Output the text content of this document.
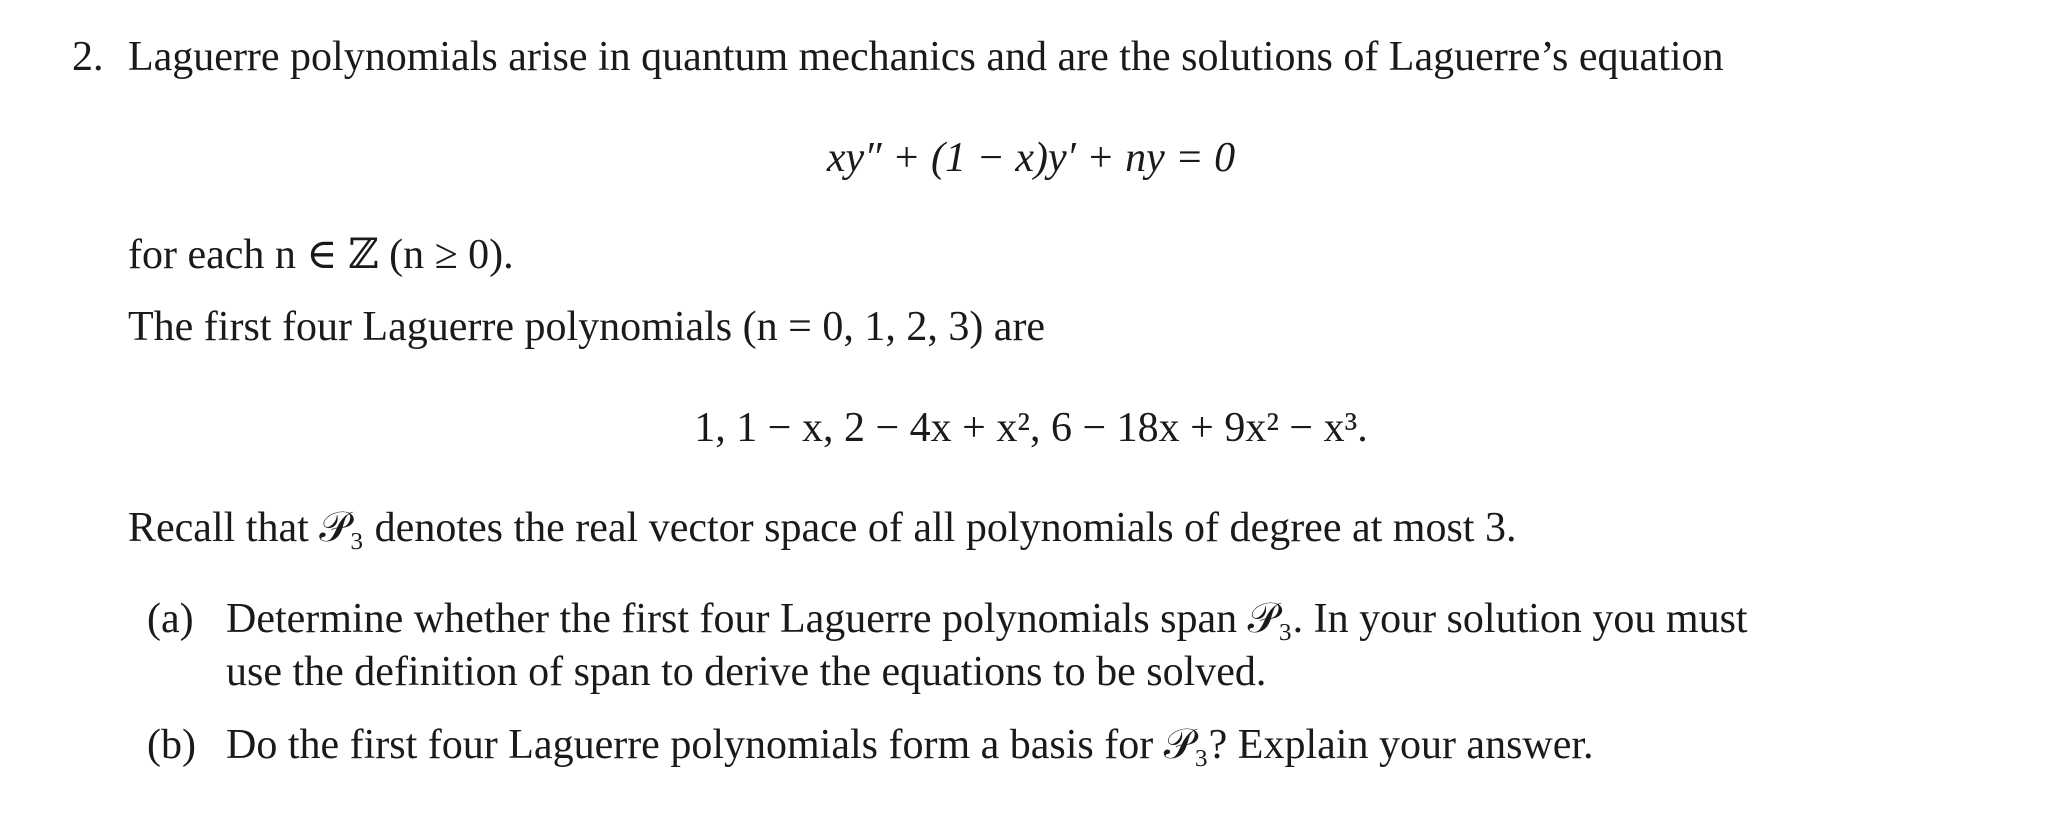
2. Laguerre polynomials arise in quantum mechanics and are the solutions of Laguerre’s equation
xy″ + (1 − x)y′ + ny = 0
for each n ∈ ℤ (n ≥ 0).
The first four Laguerre polynomials (n = 0, 1, 2, 3) are
1, 1 − x, 2 − 4x + x², 6 − 18x + 9x² − x³.
Recall that 𝒫₃ denotes the real vector space of all polynomials of degree at most 3.
(a) Determine whether the first four Laguerre polynomials span 𝒫₃. In your solution you must
use the definition of span to derive the equations to be solved.
(b) Do the first four Laguerre polynomials form a basis for 𝒫₃? Explain your answer.
